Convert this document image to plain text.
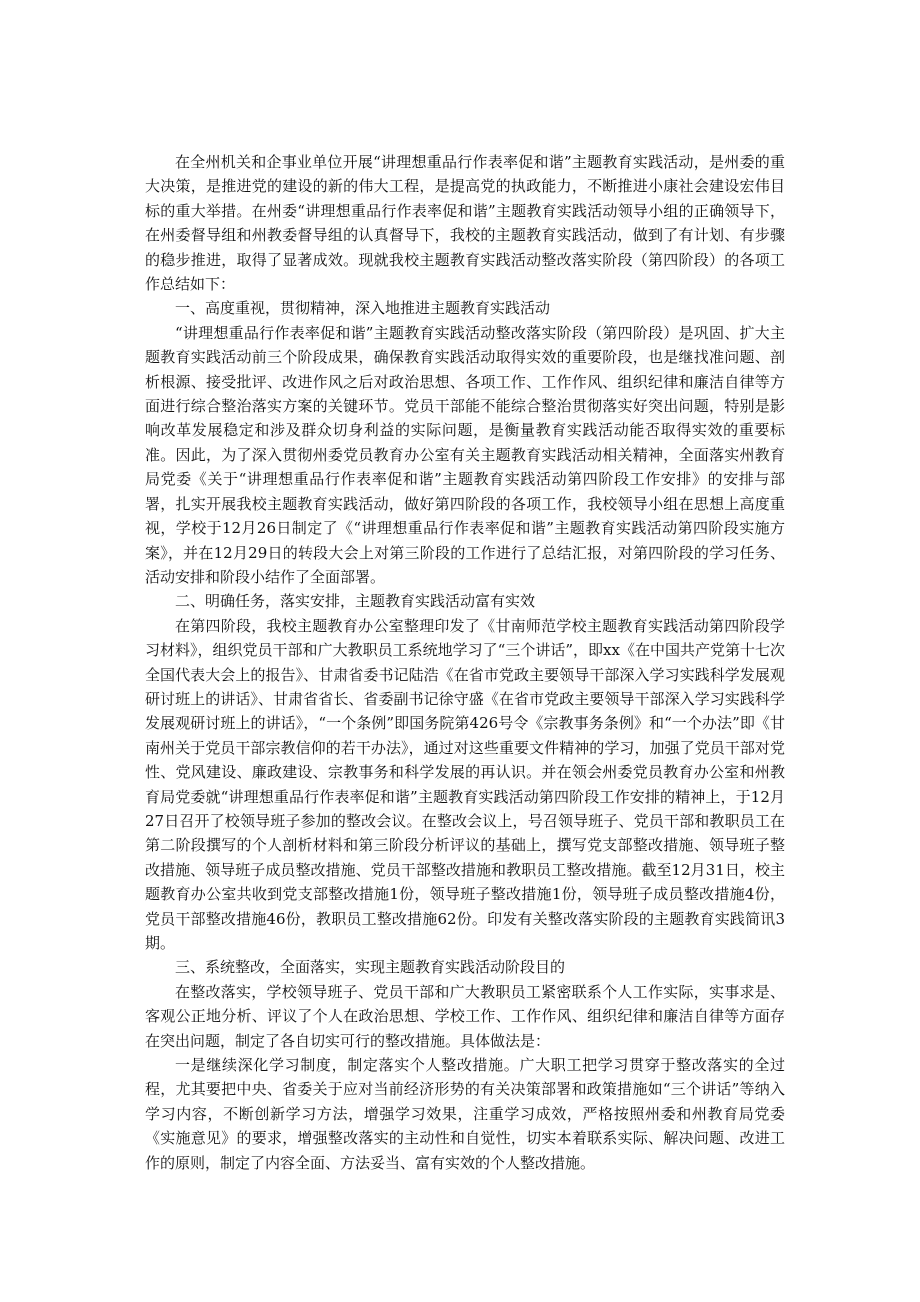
在全州机关和企事业单位开展“讲理想重品行作表率促和谐”主题教育实践活动，是州委的重大决策，是推进党的建设的新的伟大工程，是提高党的执政能力，不断推进小康社会建设宏伟目标的重大举措。在州委“讲理想重品行作表率促和谐”主题教育实践活动领导小组的正确领导下，在州委督导组和州教委督导组的认真督导下，我校的主题教育实践活动，做到了有计划、有步骤的稳步推进，取得了显著成效。现就我校主题教育实践活动整改落实阶段（第四阶段）的各项工作总结如下：

一、高度重视，贯彻精神，深入地推进主题教育实践活动

“讲理想重品行作表率促和谐”主题教育实践活动整改落实阶段（第四阶段）是巩固、扩大主题教育实践活动前三个阶段成果，确保教育实践活动取得实效的重要阶段，也是继找准问题、剖析根源、接受批评、改进作风之后对政治思想、各项工作、工作作风、组织纪律和廉洁自律等方面进行综合整治落实方案的关键环节。党员干部能不能综合整治贯彻落实好突出问题，特别是影响改革发展稳定和涉及群众切身利益的实际问题，是衡量教育实践活动能否取得实效的重要标准。因此，为了深入贯彻州委党员教育办公室有关主题教育实践活动相关精神，全面落实州教育局党委《关于“讲理想重品行作表率促和谐”主题教育实践活动第四阶段工作安排》的安排与部署，扎实开展我校主题教育实践活动，做好第四阶段的各项工作，我校领导小组在思想上高度重视，学校于12月26日制定了《“讲理想重品行作表率促和谐”主题教育实践活动第四阶段实施方案》，并在12月29日的转段大会上对第三阶段的工作进行了总结汇报，对第四阶段的学习任务、活动安排和阶段小结作了全面部署。

二、明确任务，落实安排，主题教育实践活动富有实效

在第四阶段，我校主题教育办公室整理印发了《甘南师范学校主题教育实践活动第四阶段学习材料》，组织党员干部和广大教职员工系统地学习了“三个讲话”，即xx《在中国共产党第十七次全国代表大会上的报告》、甘肃省委书记陆浩《在省市党政主要领导干部深入学习实践科学发展观研讨班上的讲话》、甘肃省省长、省委副书记徐守盛《在省市党政主要领导干部深入学习实践科学发展观研讨班上的讲话》，“一个条例”即国务院第426号令《宗教事务条例》和“一个办法”即《甘南州关于党员干部宗教信仰的若干办法》，通过对这些重要文件精神的学习，加强了党员干部对党性、党风建设、廉政建设、宗教事务和科学发展的再认识。并在领会州委党员教育办公室和州教育局党委就“讲理想重品行作表率促和谐”主题教育实践活动第四阶段工作安排的精神上，于12月27日召开了校领导班子参加的整改会议。在整改会议上，号召领导班子、党员干部和教职员工在第二阶段撰写的个人剖析材料和第三阶段分析评议的基础上，撰写党支部整改措施、领导班子整改措施、领导班子成员整改措施、党员干部整改措施和教职员工整改措施。截至12月31日，校主题教育办公室共收到党支部整改措施1份，领导班子整改措施1份，领导班子成员整改措施4份，党员干部整改措施46份，教职员工整改措施62份。印发有关整改落实阶段的主题教育实践简讯3期。

三、系统整改，全面落实，实现主题教育实践活动阶段目的

在整改落实，学校领导班子、党员干部和广大教职员工紧密联系个人工作实际，实事求是、客观公正地分析、评议了个人在政治思想、学校工作、工作作风、组织纪律和廉洁自律等方面存在突出问题，制定了各自切实可行的整改措施。具体做法是：

一是继续深化学习制度，制定落实个人整改措施。广大职工把学习贯穿于整改落实的全过程，尤其要把中央、省委关于应对当前经济形势的有关决策部署和政策措施如“三个讲话”等纳入学习内容，不断创新学习方法，增强学习效果，注重学习成效，严格按照州委和州教育局党委《实施意见》的要求，增强整改落实的主动性和自觉性，切实本着联系实际、解决问题、改进工作的原则，制定了内容全面、方法妥当、富有实效的个人整改措施。
